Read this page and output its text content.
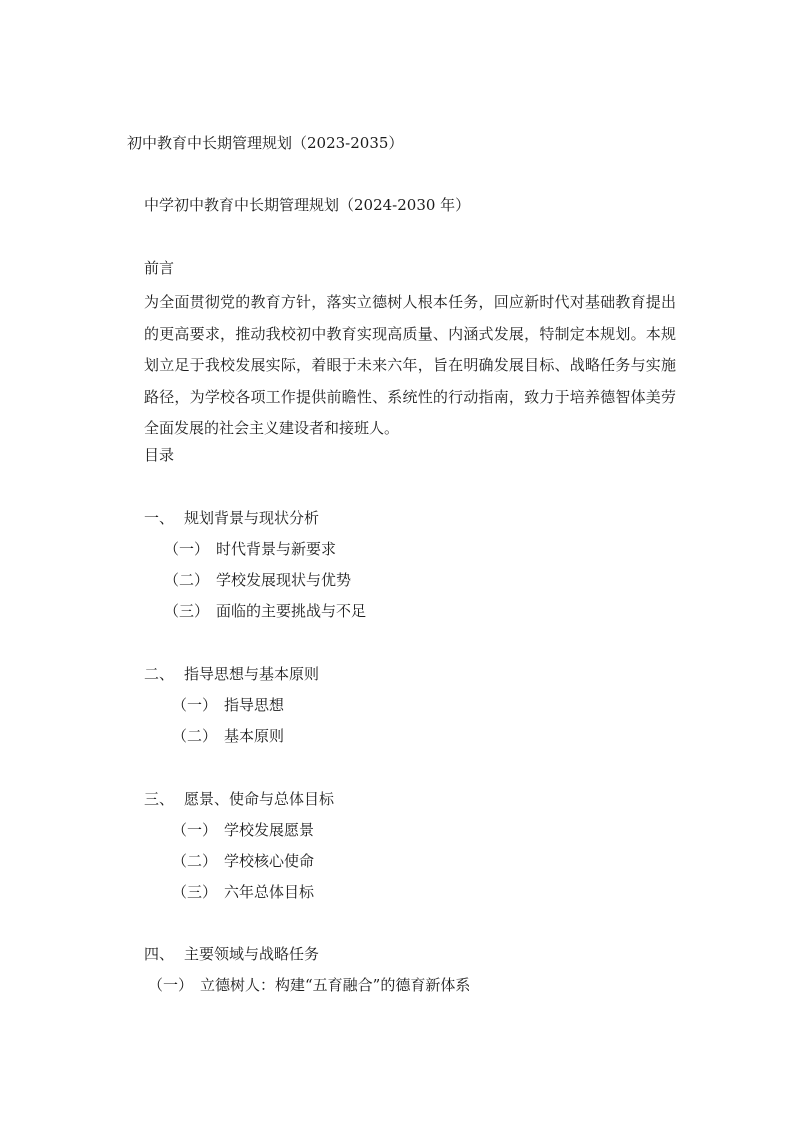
初中教育中长期管理规划（2023-2035）
中学初中教育中长期管理规划（2024-2030 年）
前言
为全面贯彻党的教育方针，落实立德树人根本任务，回应新时代对基础教育提出的更高要求，推动我校初中教育实现高质量、内涵式发展，特制定本规划。本规划立足于我校发展实际，着眼于未来六年，旨在明确发展目标、战略任务与实施路径，为学校各项工作提供前瞻性、系统性的行动指南，致力于培养德智体美劳全面发展的社会主义建设者和接班人。
目录
一、 规划背景与现状分析
（一） 时代背景与新要求
（二） 学校发展现状与优势
（三） 面临的主要挑战与不足
二、 指导思想与基本原则
（一） 指导思想
（二） 基本原则
三、 愿景、使命与总体目标
（一） 学校发展愿景
（二） 学校核心使命
（三） 六年总体目标
四、 主要领域与战略任务
（一） 立德树人：构建“五育融合”的德育新体系
